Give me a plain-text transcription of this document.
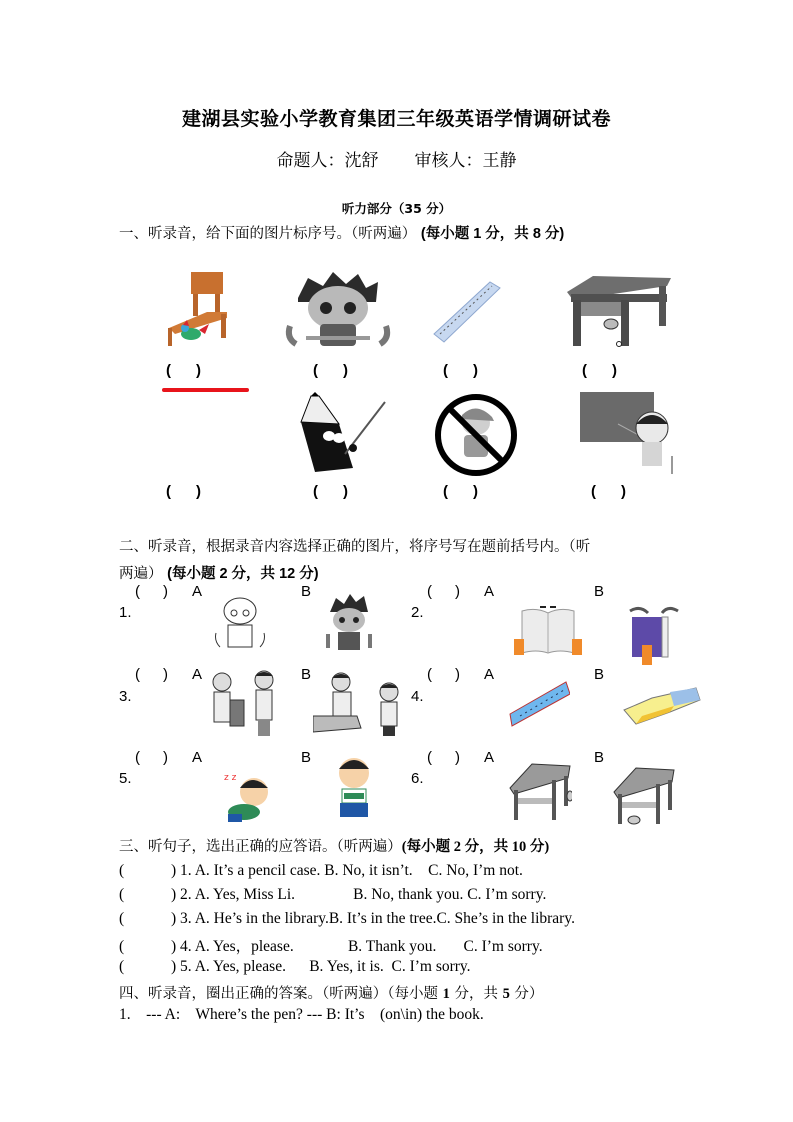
建湖县实验小学教育集团三年级英语学情调研试卷
命题人：沈舒 审核人：王静
听力部分（35 分）
一、听录音，给下面的图片标序号。（听两遍） (每小题 1 分，共 8 分)
( )	( )	( )	( )
( )	( )	( )	( )
二、听录音，根据录音内容选择正确的图片，将序号写在题前括号内。（听
两遍） (每小题 2 分，共 12 分)
( )	A	B
1.
( )	A	B
2.
( )	A	B
3.
( )	A	B
4.
( )	A	B
5.	z z
( )	A	B
6.
三、听句子，选出正确的应答语。（听两遍）(每小题 2 分，共 10 分)
(	) 1. A. It’s a pencil case. B. No, it isn’t.    C. No, I’m not.
(	) 2. A. Yes, Miss Li.               B. No, thank you. C. I’m sorry.
(	) 3. A. He’s in the library.B. It’s in the tree.C. She’s in the library.
(	) 4. A. Yes，please.              B. Thank you.       C. I’m sorry.
(	) 5. A. Yes, please.      B. Yes, it is.  C. I’m sorry.
四、听录音，圈出正确的答案。（听两遍）（每小题 1 分，共 5 分）
1.    --- A:    Where’s the pen? --- B: It’s    (on\in) the book.
